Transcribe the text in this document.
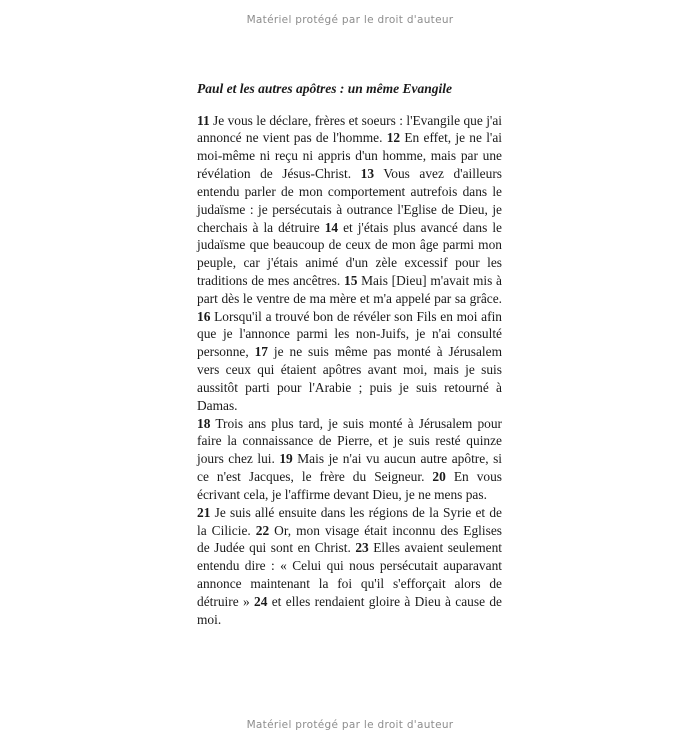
Matériel protégé par le droit d'auteur
Paul et les autres apôtres : un même Evangile

11 Je vous le déclare, frères et soeurs : l'Evangile que j'ai annoncé ne vient pas de l'homme. 12 En effet, je ne l'ai moi-même ni reçu ni appris d'un homme, mais par une révélation de Jésus-Christ. 13 Vous avez d'ailleurs entendu parler de mon comportement autrefois dans le judaïsme : je persécutais à outrance l'Eglise de Dieu, je cherchais à la détruire 14 et j'étais plus avancé dans le judaïsme que beaucoup de ceux de mon âge parmi mon peuple, car j'étais animé d'un zèle excessif pour les traditions de mes ancêtres. 15 Mais [Dieu] m'avait mis à part dès le ventre de ma mère et m'a appelé par sa grâce. 16 Lorsqu'il a trouvé bon de révéler son Fils en moi afin que je l'annonce parmi les non-Juifs, je n'ai consulté personne, 17 je ne suis même pas monté à Jérusalem vers ceux qui étaient apôtres avant moi, mais je suis aussitôt parti pour l'Arabie ; puis je suis retourné à Damas.

18 Trois ans plus tard, je suis monté à Jérusalem pour faire la connaissance de Pierre, et je suis resté quinze jours chez lui. 19 Mais je n'ai vu aucun autre apôtre, si ce n'est Jacques, le frère du Seigneur. 20 En vous écrivant cela, je l'affirme devant Dieu, je ne mens pas.

21 Je suis allé ensuite dans les régions de la Syrie et de la Cilicie. 22 Or, mon visage était inconnu des Eglises de Judée qui sont en Christ. 23 Elles avaient seulement entendu dire : « Celui qui nous persécutait auparavant annonce maintenant la foi qu'il s'efforçait alors de détruire » 24 et elles rendaient gloire à Dieu à cause de moi.

Matériel protégé par le droit d'auteur
